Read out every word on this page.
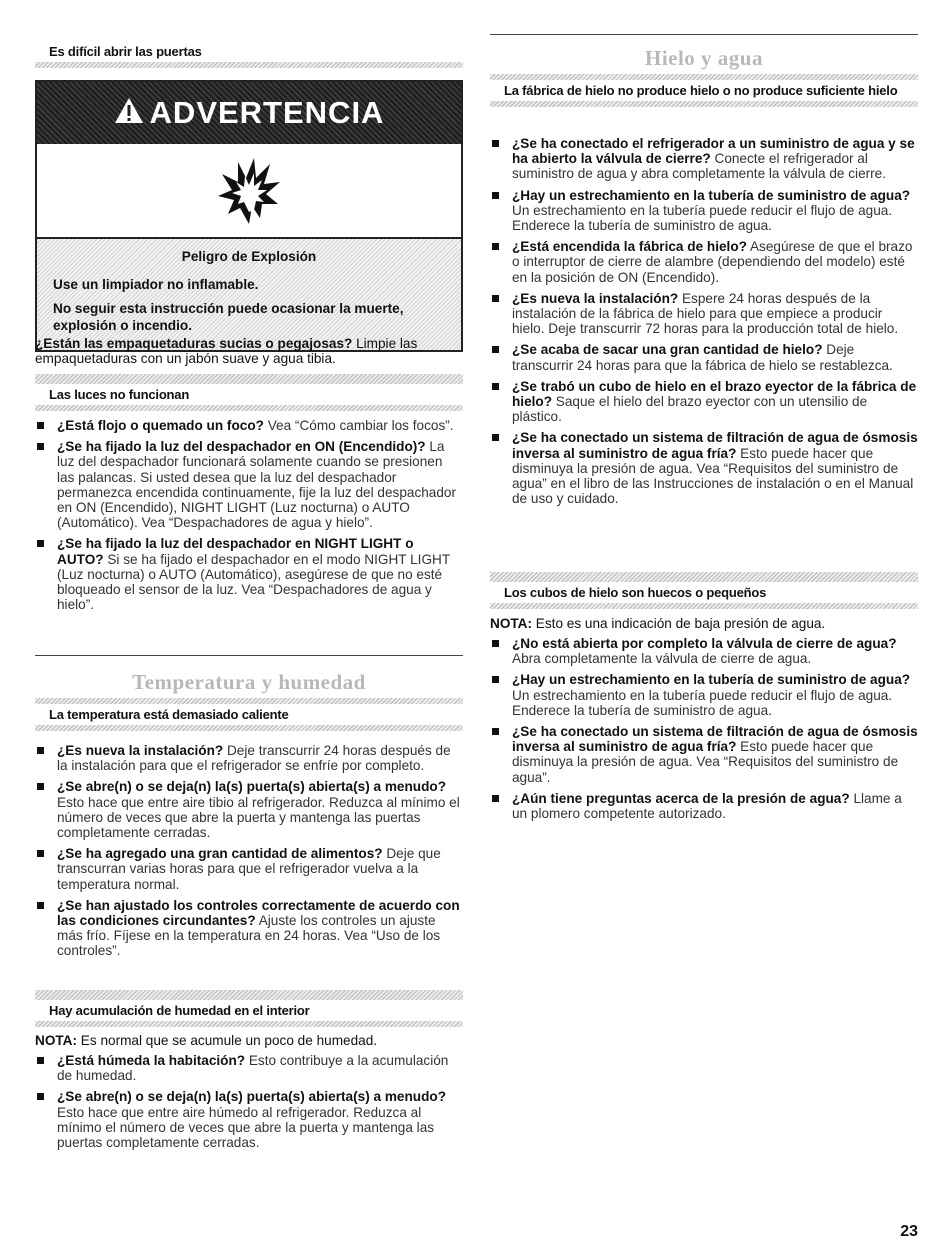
Es difícil abrir las puertas
ADVERTENCIA
Peligro de Explosión

Use un limpiador no inflamable.

No seguir esta instrucción puede ocasionar la muerte, explosión o incendio.

¿Están las empaquetaduras sucias o pegajosas? Limpie las empaquetaduras con un jabón suave y agua tibia.

Las luces no funcionan

¿Está flojo o quemado un foco? Vea “Cómo cambiar los focos”.

¿Se ha fijado la luz del despachador en ON (Encendido)? La luz del despachador funcionará solamente cuando se presionen las palancas. Si usted desea que la luz del despachador permanezca encendida continuamente, fije la luz del despachador en ON (Encendido), NIGHT LIGHT (Luz nocturna) o AUTO (Automático). Vea “Despachadores de agua y hielo”.

¿Se ha fijado la luz del despachador en NIGHT LIGHT o AUTO? Si se ha fijado el despachador en el modo NIGHT LIGHT (Luz nocturna) o AUTO (Automático), asegúrese de que no esté bloqueado el sensor de la luz. Vea “Despachadores de agua y hielo”.

Temperatura y humedad
La temperatura está demasiado caliente

¿Es nueva la instalación? Deje transcurrir 24 horas después de la instalación para que el refrigerador se enfríe por completo.

¿Se abre(n) o se deja(n) la(s) puerta(s) abierta(s) a menudo? Esto hace que entre aire tibio al refrigerador. Reduzca al mínimo el número de veces que abre la puerta y mantenga las puertas completamente cerradas.

¿Se ha agregado una gran cantidad de alimentos? Deje que transcurran varias horas para que el refrigerador vuelva a la temperatura normal.

¿Se han ajustado los controles correctamente de acuerdo con las condiciones circundantes? Ajuste los controles un ajuste más frío. Fíjese en la temperatura en 24 horas. Vea “Uso de los controles”.

Hay acumulación de humedad en el interior

NOTA: Es normal que se acumule un poco de humedad.

¿Está húmeda la habitación? Esto contribuye a la acumulación de humedad.

¿Se abre(n) o se deja(n) la(s) puerta(s) abierta(s) a menudo? Esto hace que entre aire húmedo al refrigerador. Reduzca al mínimo el número de veces que abre la puerta y mantenga las puertas completamente cerradas.

Hielo y agua
La fábrica de hielo no produce hielo o no produce suficiente hielo

¿Se ha conectado el refrigerador a un suministro de agua y se ha abierto la válvula de cierre? Conecte el refrigerador al suministro de agua y abra completamente la válvula de cierre.

¿Hay un estrechamiento en la tubería de suministro de agua? Un estrechamiento en la tubería puede reducir el flujo de agua. Enderece la tubería de suministro de agua.

¿Está encendida la fábrica de hielo? Asegúrese de que el brazo o interruptor de cierre de alambre (dependiendo del modelo) esté en la posición de ON (Encendido).

¿Es nueva la instalación? Espere 24 horas después de la instalación de la fábrica de hielo para que empiece a producir hielo. Deje transcurrir 72 horas para la producción total de hielo.

¿Se acaba de sacar una gran cantidad de hielo? Deje transcurrir 24 horas para que la fábrica de hielo se restablezca.

¿Se trabó un cubo de hielo en el brazo eyector de la fábrica de hielo? Saque el hielo del brazo eyector con un utensilio de plástico.

¿Se ha conectado un sistema de filtración de agua de ósmosis inversa al suministro de agua fría? Esto puede hacer que disminuya la presión de agua. Vea “Requisitos del suministro de agua” en el libro de las Instrucciones de instalación o en el Manual de uso y cuidado.

Los cubos de hielo son huecos o pequeños

NOTA: Esto es una indicación de baja presión de agua.

¿No está abierta por completo la válvula de cierre de agua? Abra completamente la válvula de cierre de agua.

¿Hay un estrechamiento en la tubería de suministro de agua? Un estrechamiento en la tubería puede reducir el flujo de agua. Enderece la tubería de suministro de agua.

¿Se ha conectado un sistema de filtración de agua de ósmosis inversa al suministro de agua fría? Esto puede hacer que disminuya la presión de agua. Vea “Requisitos del suministro de agua”.

¿Aún tiene preguntas acerca de la presión de agua? Llame a un plomero competente autorizado.

23
